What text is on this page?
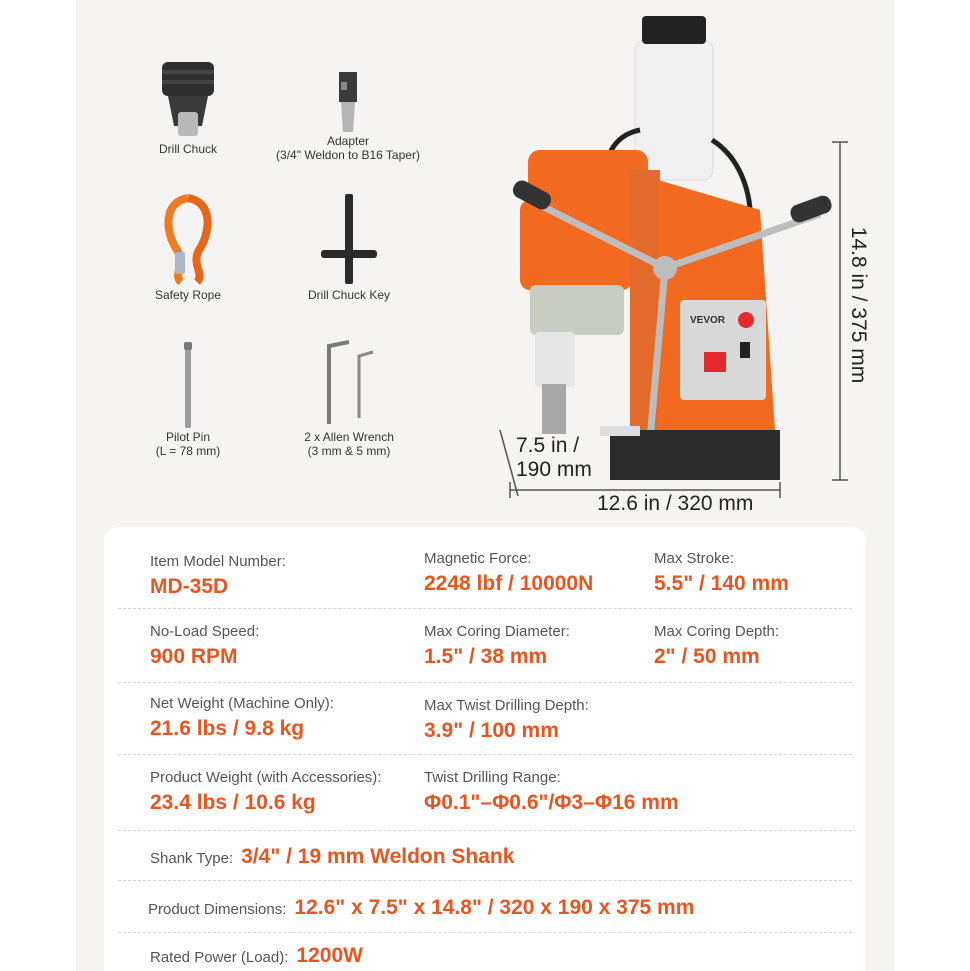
Drill Chuck
Adapter
(3/4" Weldon to B16 Taper)
Safety Rope	Drill Chuck Key
Pilot Pin
(L = 78 mm)
2 x Allen Wrench
(3 mm & 5 mm)
VEVOR	14.8 in / 375 mm
7.5 in /
190 mm
12.6 in / 320 mm
Item Model Number:
MD-35D
Magnetic Force:
2248 lbf / 10000N
Max Stroke:
5.5" / 140 mm
No-Load Speed:
900 RPM
Max Coring Diameter:
1.5" / 38 mm
Max Coring Depth:
2" / 50 mm
Net Weight (Machine Only):
21.6 lbs / 9.8 kg
Max Twist Drilling Depth:
3.9" / 100 mm
Product Weight (with Accessories):
23.4 lbs / 10.6 kg
Twist Drilling Range:
Φ0.1"–Φ0.6"/Φ3–Φ16 mm
Shank Type: 3/4" / 19 mm Weldon Shank
Product Dimensions: 12.6" x 7.5" x 14.8" / 320 x 190 x 375 mm
Rated Power (Load): 1200W
